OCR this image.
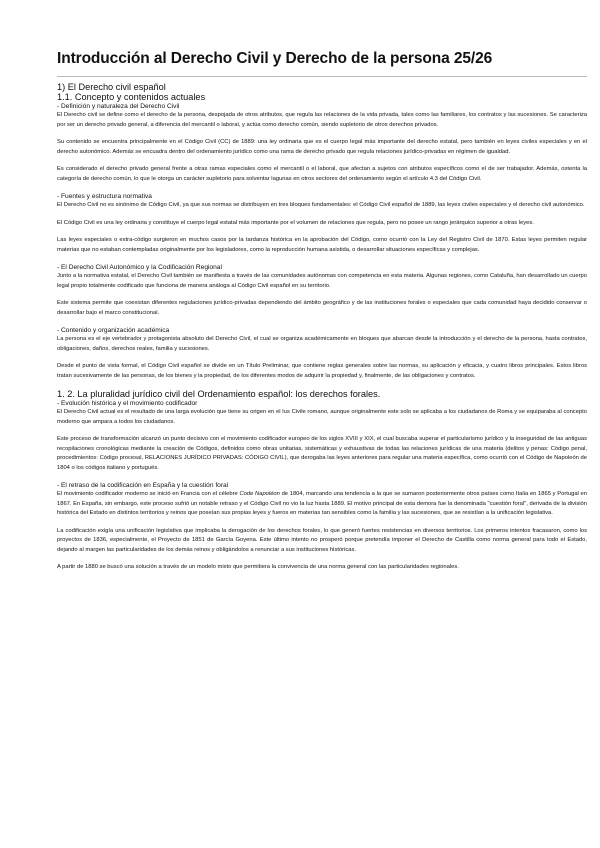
Introducción al Derecho Civil y Derecho de la persona 25/26
1) El Derecho civil español
1.1. Concepto y contenidos actuales
- Definición y naturaleza del Derecho Civil

El Derecho civil se define como el derecho de la persona, despojada de otros atributos, que regula las relaciones de la vida privada, tales como las familiares, los contratos y las sucesiones. Se caracteriza por ser un derecho privado general, a diferencia del mercantil o laboral, y actúa como derecho común, siendo supletorio de otros derechos privados.

Su contenido se encuentra principalmente en el Código Civil (CC) de 1889: una ley ordinaria que es el cuerpo legal más importante del derecho estatal, pero también en leyes civiles especiales y en el derecho autonómico. Además se encuadra dentro del ordenamiento jurídico como una rama de derecho privado que regula relaciones jurídico-privadas en régimen de igualdad.

Es considerado el derecho privado general frente a otras ramas especiales como el mercantil o el laboral, que afectan a sujetos con atributos específicos como el de ser trabajador. Además, ostenta la categoría de derecho común, lo que le otorga un carácter supletorio para solventar lagunas en otros sectores del ordenamiento según el artículo 4.3 del Código Civil.

- Fuentes y estructura normativa

El Derecho Civil no es sinónimo de Código Civil, ya que sus normas se distribuyen en tres bloques fundamentales: el Código Civil español de 1889, las leyes civiles especiales y el derecho civil autonómico.

El Código Civil es una ley ordinaria y constituye el cuerpo legal estatal más importante por el volumen de relaciones que regula, pero no posee un rango jerárquico superior a otras leyes.

Las leyes especiales o extra-código surgieron en muchos casos por la tardanza histórica en la aprobación del Código, como ocurrió con la Ley del Registro Civil de 1870. Estas leyes permiten regular materias que no estaban contempladas originalmente por los legisladores, como la reproducción humana asistida, o desarrollar situaciones específicas y complejas.

- El Derecho Civil Autonómico y la Codificación Regional

Junto a la normativa estatal, el Derecho Civil también se manifiesta a través de las comunidades autónomas con competencia en esta materia. Algunas regiones, como Cataluña, han desarrollado un cuerpo legal propio totalmente codificado que funciona de manera análoga al Código Civil español en su territorio.

Este sistema permite que coexistan diferentes regulaciones jurídico-privadas dependiendo del ámbito geográfico y de las instituciones forales o especiales que cada comunidad haya decidido conservar o desarrollar bajo el marco constitucional.

- Contenido y organización académica

La persona es el eje vertebrador y protagonista absoluto del Derecho Civil, el cual se organiza académicamente en bloques que abarcan desde la introducción y el derecho de la persona, hasta contratos, obligaciones, daños, derechos reales, familia y sucesiones.

Desde el punto de vista formal, el Código Civil español se divide en un Título Preliminar, que contiene reglas generales sobre las normas, su aplicación y eficacia, y cuatro libros principales. Estos libros tratan sucesivamente de las personas, de los bienes y la propiedad, de los diferentes modos de adquirir la propiedad y, finalmente, de las obligaciones y contratos.

1. 2. La pluralidad jurídico civil del Ordenamiento español: los derechos forales.
- Evolución histórica y el movimiento codificador

El Derecho Civil actual es el resultado de una larga evolución que tiene su origen en el Ius Civile romano, aunque originalmente este solo se aplicaba a los ciudadanos de Roma y se equiparaba al concepto moderno que ampara a todos los ciudadanos.

Este proceso de transformación alcanzó un punto decisivo con el movimiento codificador europeo de los siglos XVIII y XIX, el cual buscaba superar el particularismo jurídico y la inseguridad de las antiguas recopilaciones cronológicas mediante la creación de Códigos, definidos como obras unitarias, sistemáticas y exhaustivas de todas las relaciones jurídicas de una materia (delitos y penas: Código penal, procedimientos: Código procesal, RELACIONES JURÍDICO PRIVADAS: CÓDIGO CIVIL), que derogaba las leyes anteriores para regular una materia específica, como ocurrió con el Código de Napoleón de 1804 o los códigos italiano y portugués.

- El retraso de la codificación en España y la cuestión foral

El movimiento codificador moderno se inició en Francia con el célebre Code Napoléon de 1804, marcando una tendencia a la que se sumaron posteriormente otros países como Italia en 1865 y Portugal en 1867. En España, sin embargo, este proceso sufrió un notable retraso y el Código Civil no vio la luz hasta 1889. El motivo principal de esta demora fue la denominada "cuestión foral", derivada de la división histórica del Estado en distintos territorios y reinos que poseían sus propias leyes y fueros en materias tan sensibles como la familia y las sucesiones, que se resistían a la unificación legislativa.

La codificación exigía una unificación legislativa que implicaba la derogación de los derechos forales, lo que generó fuertes resistencias en diversos territorios. Los primeros intentos fracasaron, como los proyectos de 1836, especialmente, el Proyecto de 1851 de García Goyena. Este último intento no prosperó porque pretendía imponer el Derecho de Castilla como norma general para todo el Estado, dejando al margen las particularidades de los demás reinos y obligándolos a renunciar a sus instituciones históricas.

A partir de 1880 se buscó una solución a través de un modelo mixto que permitiera la convivencia de una norma general con las particularidades regionales.
